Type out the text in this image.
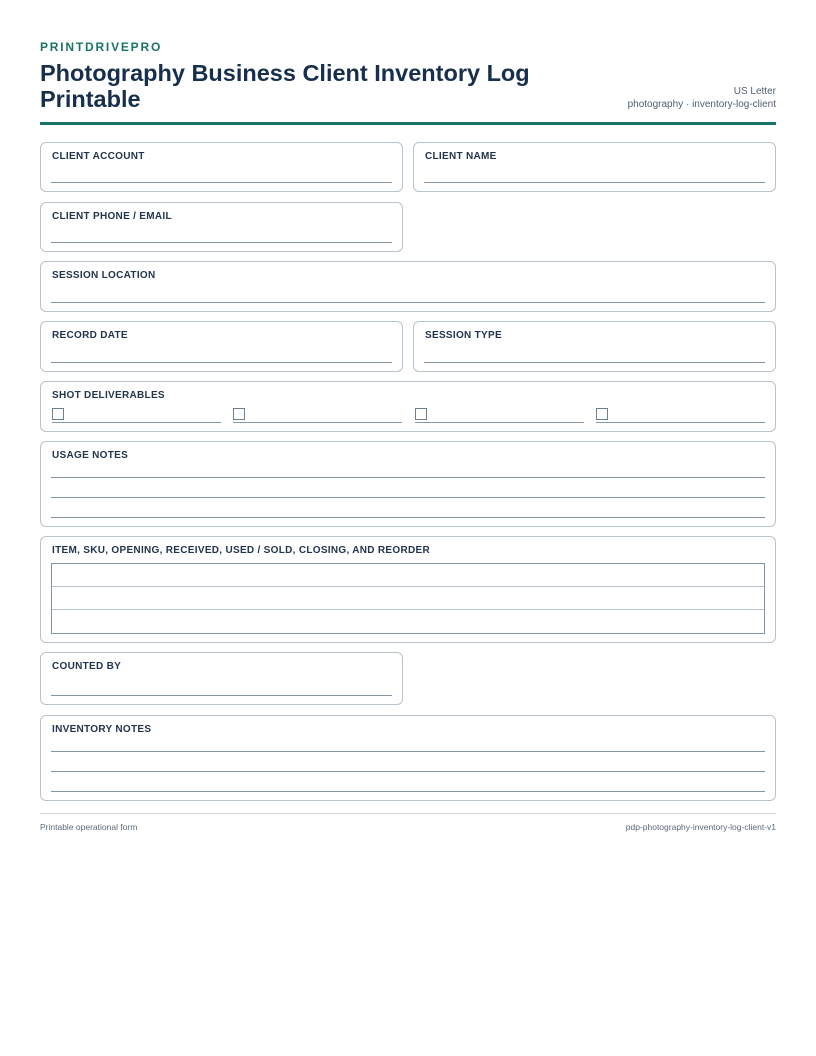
PRINTDRIVEPRO
Photography Business Client Inventory Log Printable	US Letter
photography · inventory-log-client
CLIENT ACCOUNT	CLIENT NAME
CLIENT PHONE / EMAIL
SESSION LOCATION
RECORD DATE	SESSION TYPE
SHOT DELIVERABLES
USAGE NOTES
ITEM, SKU, OPENING, RECEIVED, USED / SOLD, CLOSING, AND REORDER
COUNTED BY
INVENTORY NOTES
Printable operational form	pdp-photography-inventory-log-client-v1
